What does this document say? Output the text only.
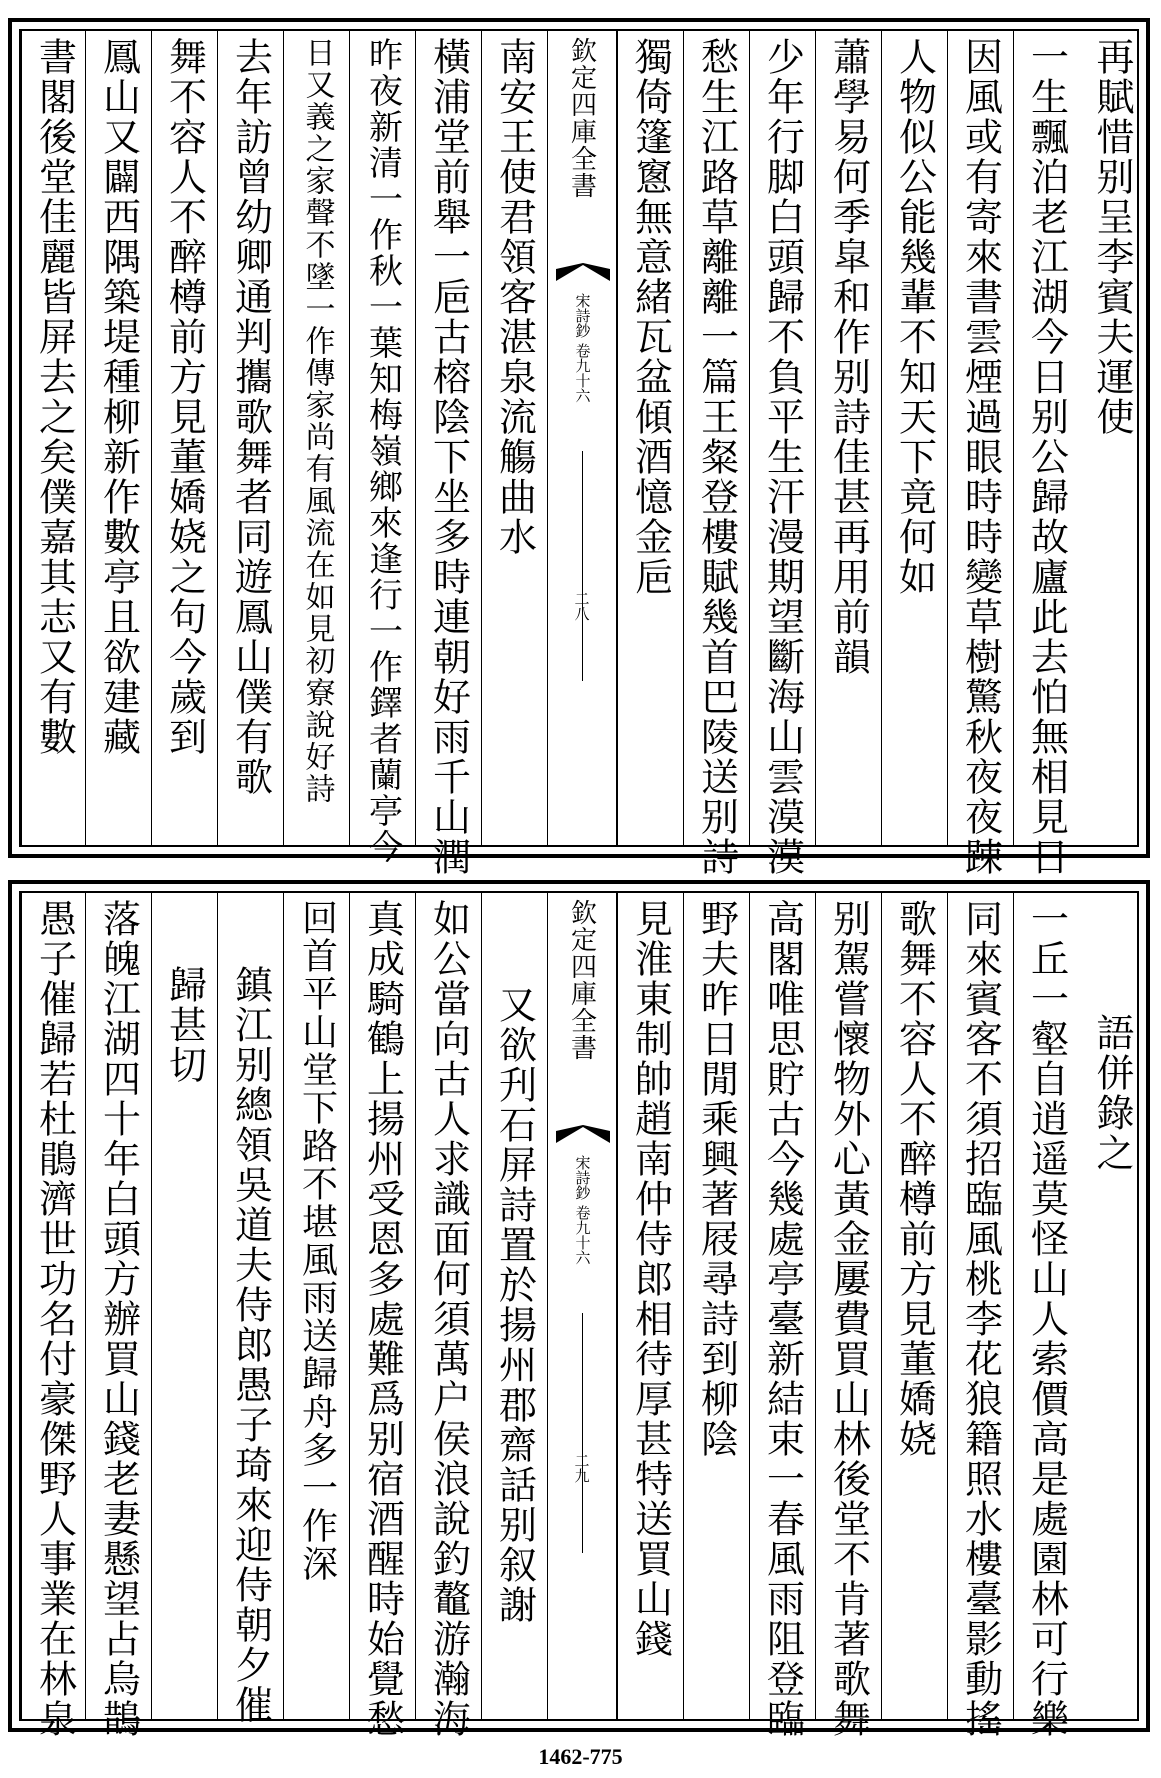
再賦惜别呈李賓夫運使
一生飄泊老江湖今日别公歸故廬此去怕無相見日
因風或有寄來書雲煙過眼時時變草樹驚秋夜夜踈
人物似公能幾輩不知天下竟何如
蕭學易何季皐和作别詩佳甚再用前韻
少年行脚白頭歸不負平生汗漫期望斷海山雲漠漠
愁生江路草離離一篇王粲登樓賦幾首巴陵送别詩
獨倚篷窻無意緒瓦盆傾酒憶金巵
欽定四庫全書
宋詩鈔 卷九十六
二八
南安王使君領客湛泉流觴曲水
橫浦堂前舉一巵古榕陰下坐多時連朝好雨千山潤
昨夜新清一作秋一葉知梅嶺鄉來逢行一作鐸者蘭亭今
日又義之家聲不墜一作傳家尚有風流在如見初寮說好詩
去年訪曾幼卿通判攜歌舞者同遊鳳山僕有歌
舞不容人不醉樽前方見董嬌娆之句今歲到
鳳山又闢西隅築堤種柳新作數亭且欲建藏
書閣後堂佳麗皆屏去之矣僕嘉其志又有數
語併錄之
一丘一壑自逍遥莫怪山人索價高是處園林可行樂
同來賓客不須招臨風桃李花狼籍照水樓臺影動搖
歌舞不容人不醉樽前方見董嬌娆
别駕嘗懷物外心黃金屢費買山林後堂不肯著歌舞
高閣唯思貯古今幾處亭臺新結束一春風雨阻登臨
野夫昨日閒乘興著屐尋詩到柳陰
見淮東制帥趙南仲侍郎相待厚甚特送買山錢
欽定四庫全書
宋詩鈔 卷九十六
二九
又欲刋石屏詩置於揚州郡齋話别叙謝
如公當向古人求識面何須萬户侯浪說釣鼇游瀚海
真成騎鶴上揚州受恩多處難爲别宿酒醒時始覺愁
回首平山堂下路不堪風雨送歸舟多一作深
鎮江别總領吳道夫侍郎愚子琦來迎侍朝夕催
歸甚切
落魄江湖四十年白頭方辦買山錢老妻懸望占烏鵲
愚子催歸若杜鵑濟世功名付豪傑野人事業在林泉
1462-775
